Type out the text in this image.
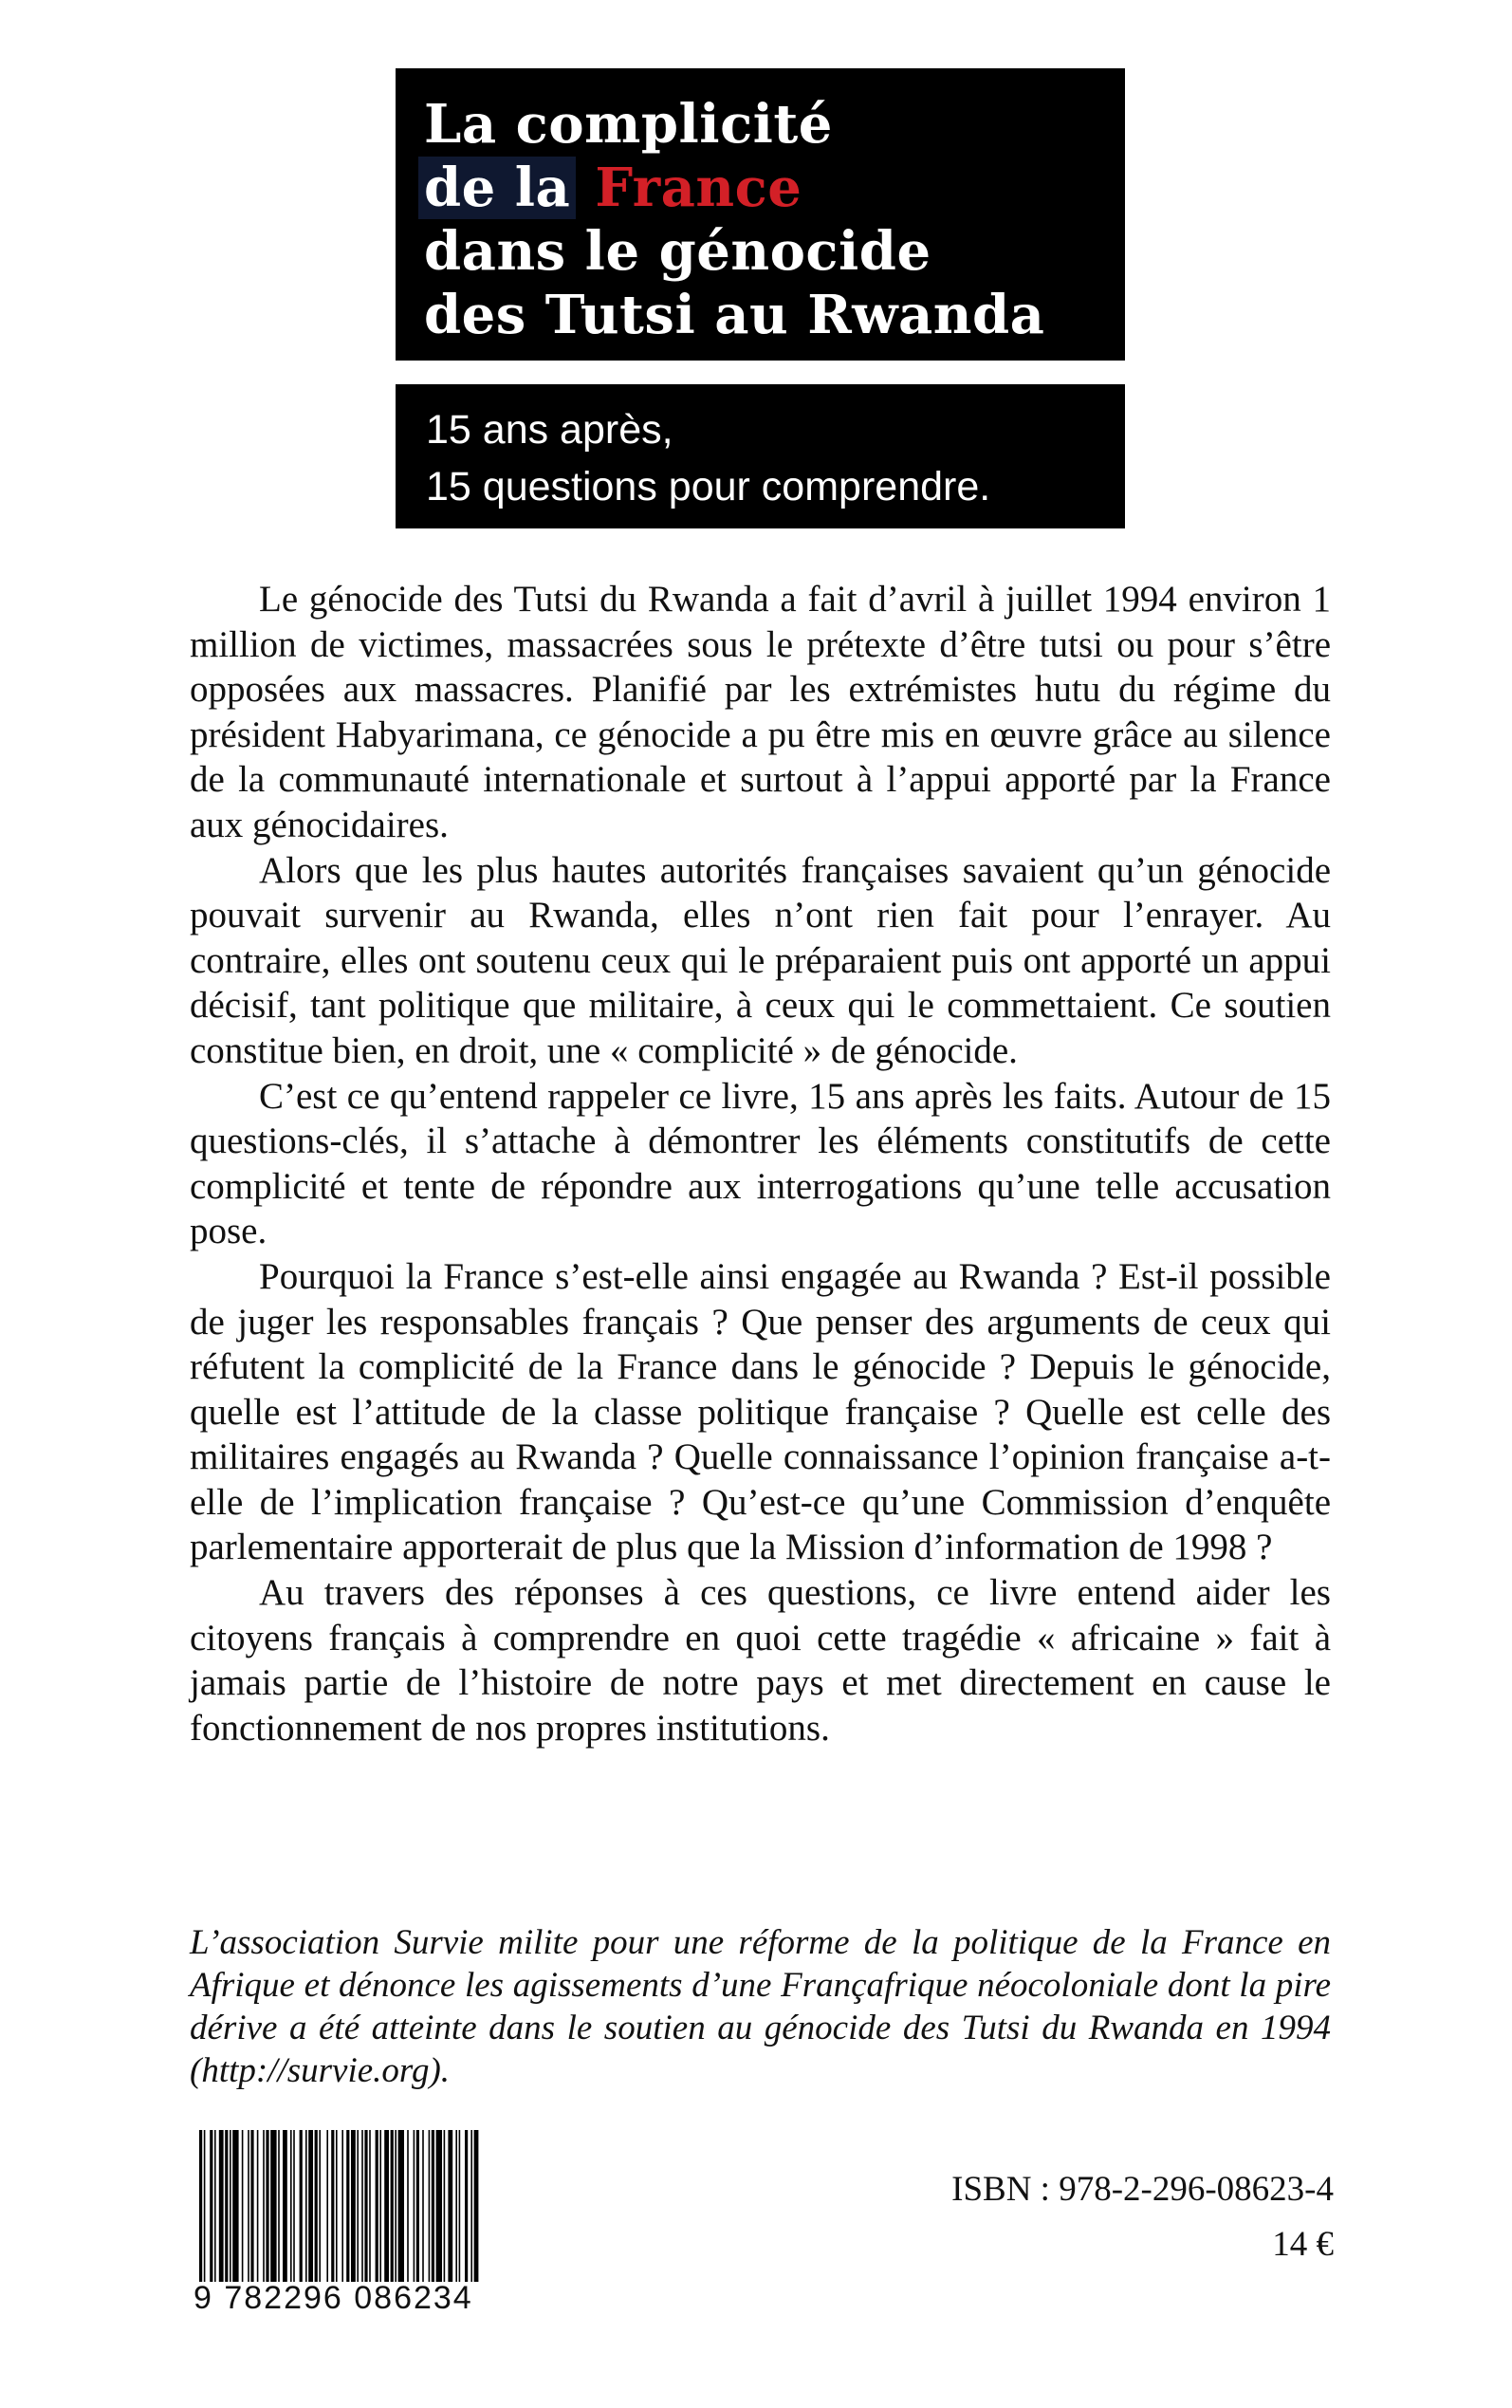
La complicité
de la France
dans le génocide
des Tutsi au Rwanda
15 ans après,
15 questions pour comprendre.

Le génocide des Tutsi du Rwanda a fait d’avril à juillet 1994 environ 1 million de victimes, massacrées sous le prétexte d’être tutsi ou pour s’être opposées aux massacres. Planifié par les extrémistes hutu du régime du président Habyarimana, ce génocide a pu être mis en œuvre grâce au silence de la communauté internationale et surtout à l’appui apporté par la France aux génocidaires.

Alors que les plus hautes autorités françaises savaient qu’un génocide pouvait survenir au Rwanda, elles n’ont rien fait pour l’enrayer. Au contraire, elles ont soutenu ceux qui le préparaient puis ont apporté un appui décisif, tant politique que militaire, à ceux qui le commettaient. Ce soutien constitue bien, en droit, une « complicité » de génocide.

C’est ce qu’entend rappeler ce livre, 15 ans après les faits. Autour de 15 questions-clés, il s’attache à démontrer les éléments constitutifs de cette complicité et tente de répondre aux interrogations qu’une telle accusation pose.

Pourquoi la France s’est-elle ainsi engagée au Rwanda ? Est-il possible de juger les responsables français ? Que penser des arguments de ceux qui réfutent la complicité de la France dans le génocide ? Depuis le génocide, quelle est l’attitude de la classe politique française ? Quelle est celle des militaires engagés au Rwanda ? Quelle connaissance l’opinion française a-t-elle de l’implication française ? Qu’est-ce qu’une Commission d’enquête parlementaire apporterait de plus que la Mission d’information de 1998 ?

Au travers des réponses à ces questions, ce livre entend aider les citoyens français à comprendre en quoi cette tragédie « africaine » fait à jamais partie de l’histoire de notre pays et met directement en cause le fonctionnement de nos propres institutions.

L’association Survie milite pour une réforme de la politique de la France en Afrique et dénonce les agissements d’une Françafrique néocoloniale dont la pire dérive a été atteinte dans le soutien au génocide des Tutsi du Rwanda en 1994 (http://survie.org).
9 782296 086234
ISBN : 978-2-296-08623-4
14 €
